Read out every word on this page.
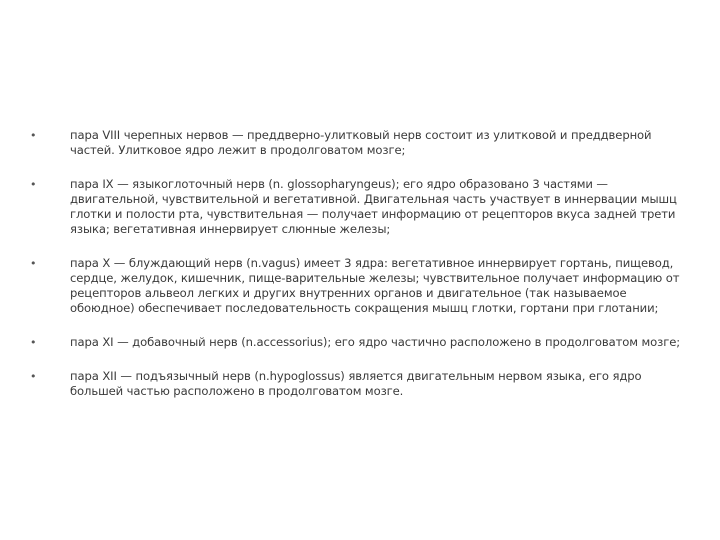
•	пара VIII черепных нервов — преддверно-улитковый нерв состоит из улитковой и преддверной частей. Улитковое ядро лежит в продолговатом мозге;
•	пара IX — языкоглоточный нерв (n. glossopharyngeus); его ядро образовано 3 частями — двигательной, чувствительной и вегетативной. Двигательная часть участвует в иннервации мышц глотки и полости рта, чувствительная — получает информацию от рецепторов вкуса задней трети языка; вегетативная иннервирует слюнные железы;
•	пара X — блуждающий нерв (n.vagus) имеет 3 ядра: вегетативное иннервирует гортань, пищевод, сердце, желудок, кишечник, пище-варительные железы; чувствительное получает информацию от рецепторов альвеол легких и других внутренних органов и двигательное (так называемое обоюдное) обеспечивает последовательность сокращения мышц глотки, гортани при глотании;
•	пара XI — добавочный нерв (n.accessorius); его ядро частично расположено в продолговатом мозге;
•	пара XII — подъязычный нерв (n.hypoglossus) является двигательным нервом языка, его ядро большей частью расположено в продолговатом мозге.
